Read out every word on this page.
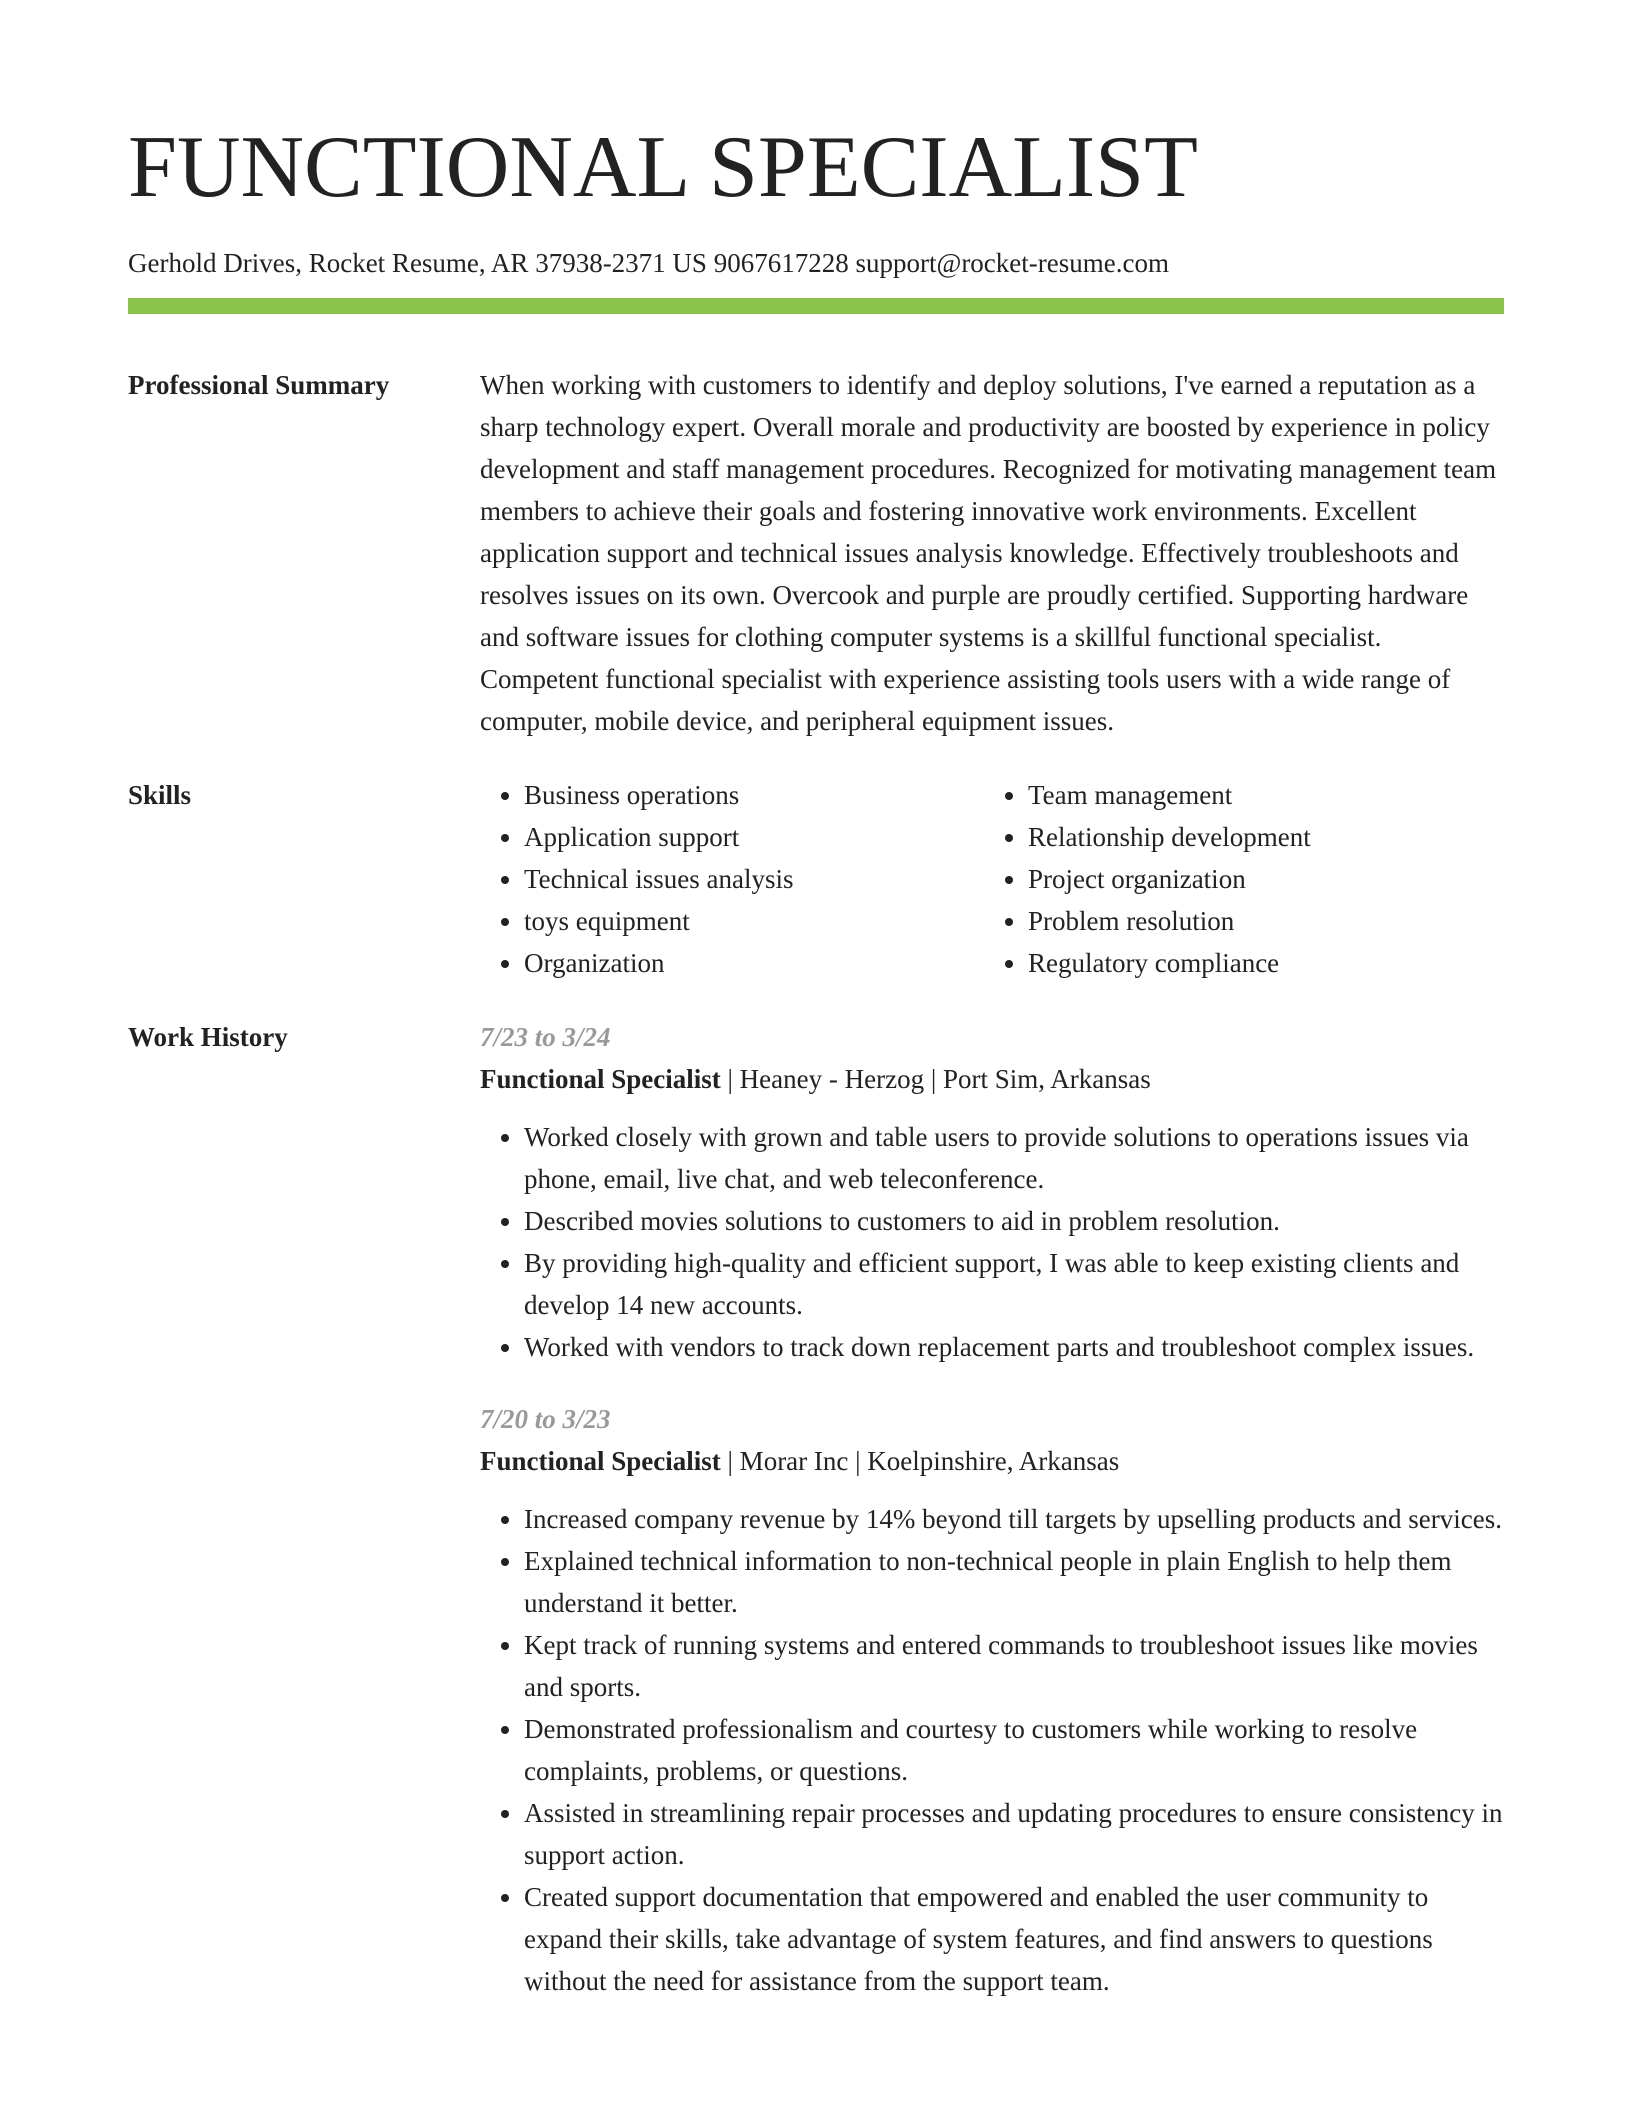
FUNCTIONAL SPECIALIST
Gerhold Drives, Rocket Resume, AR 37938-2371 US 9067617228 support@rocket-resume.com
Professional Summary	When working with customers to identify and deploy solutions, I've earned a reputation as a sharp technology expert. Overall morale and productivity are boosted by experience in policy development and staff management procedures. Recognized for motivating management team members to achieve their goals and fostering innovative work environments. Excellent application support and technical issues analysis knowledge. Effectively troubleshoots and resolves issues on its own. Overcook and purple are proudly certified. Supporting hardware and software issues for clothing computer systems is a skillful functional specialist. Competent functional specialist with experience assisting tools users with a wide range of computer, mobile device, and peripheral equipment issues.

Skills
•	Business operations
• Application support
• Technical issues analysis
• toys equipment
• Organization
• Team management
• Relationship development
• Project organization
• Problem resolution
• Regulatory compliance
Work History	7/23 to 3/24
Functional Specialist | Heaney - Herzog | Port Sim, Arkansas
• Worked closely with grown and table users to provide solutions to operations issues via phone, email, live chat, and web teleconference.
• Described movies solutions to customers to aid in problem resolution.
• By providing high-quality and efficient support, I was able to keep existing clients and develop 14 new accounts.
• Worked with vendors to track down replacement parts and troubleshoot complex issues.
7/20 to 3/23
Functional Specialist | Morar Inc | Koelpinshire, Arkansas
• Increased company revenue by 14% beyond till targets by upselling products and services.
• Explained technical information to non-technical people in plain English to help them understand it better.
• Kept track of running systems and entered commands to troubleshoot issues like movies and sports.
• Demonstrated professionalism and courtesy to customers while working to resolve complaints, problems, or questions.
• Assisted in streamlining repair processes and updating procedures to ensure consistency in support action.
• Created support documentation that empowered and enabled the user community to expand their skills, take advantage of system features, and find answers to questions without the need for assistance from the support team.
